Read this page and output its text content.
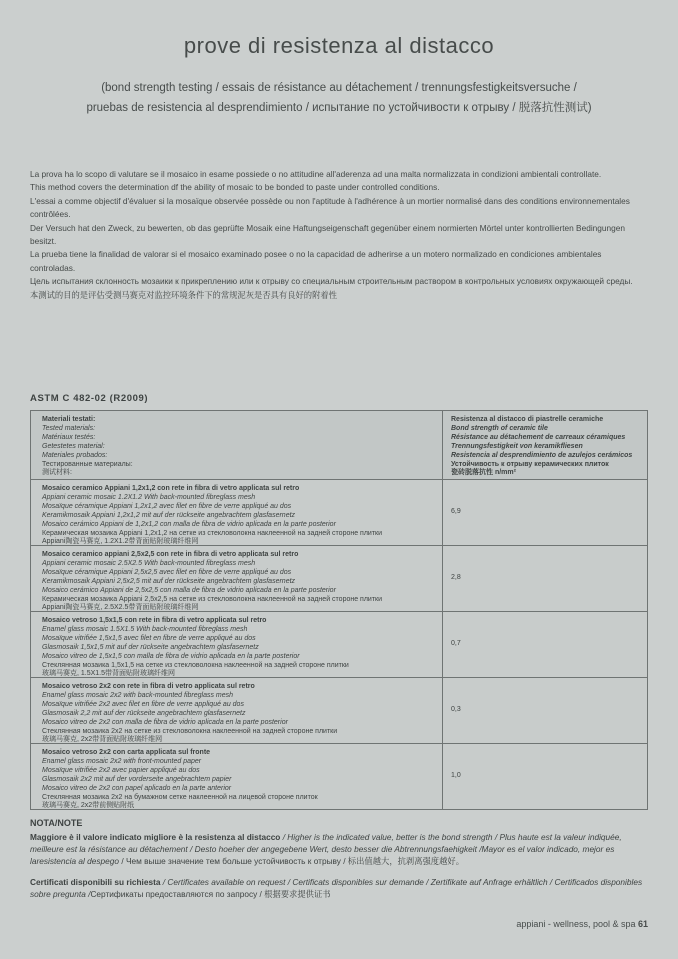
prove di resistenza al distacco
(bond strength testing / essais de résistance au détachement / trennungsfestigkeitsversuche /
pruebas de resistencia al desprendimiento / испытание по устойчивости к отрыву / 脱落抗性测试)
La prova ha lo scopo di valutare se il mosaico in esame possiede o no attitudine all'aderenza ad una malta normalizzata in condizioni ambientali controllate.
This method covers the determination df the ability of mosaic to be bonded to paste under controlled conditions.
L'essai a comme objectif d'évaluer si la mosaïque observée possède ou non l'aptitude à l'adhérence à un mortier normalisé dans des conditions environnementales contrôlées.
Der Versuch hat den Zweck, zu bewerten, ob das geprüfte Mosaik eine Haftungseigenschaft gegenüber einem normierten Mörtel unter kontrollierten Bedingungen besitzt.
La prueba tiene la finalidad de valorar si el mosaico examinado posee o no la capacidad de adherirse a un motero normalizado en condiciones ambientales controladas.
Цель испытания склонность мозаики к прикреплению или к отрыву со специальным строительным раствором в контрольных условиях окружающей среды.
本测试的目的是评估受测马赛克对监控环境条件下的常规泥灰是否具有良好的附着性
ASTM C 482-02 (R2009)
Materiali testati:
Tested materials:
Matériaux testés:
Getestetes material:
Materiales probados:
Тестированные материалы:
测试材料:
Resistenza al distacco di piastrelle ceramiche
Bond strength of ceramic tile
Résistance au détachement de carreaux céramiques
Trennungsfestigkeit von keramikfliesen
Resistencia al desprendimiento de azulejos cerámicos
Устойчивость к отрыву керамических плиток
瓷砖脱落抗性 n/mm²
Mosaico ceramico Appiani 1,2x1,2 con rete in fibra di vetro applicata sul retro
Appiani ceramic mosaic 1.2X1.2 With back-mounted fibreglass mesh
Mosaïque céramique Appiani 1,2x1,2 avec filet en fibre de verre appliqué au dos
Keramikmosaik Appiani 1,2x1,2 mit auf der rückseite angebrachtem glasfasernetz
Mosaico cerámico Appiani de 1,2x1,2 con malla de fibra de vidrio aplicada en la parte posterior
Керамическая мозаика Appiani 1,2x1,2 на сетке из стекловолокна наклеенной на задней стороне плитки
Appiani陶瓷马赛克, 1.2X1.2带背面贴附玻璃纤维网
6,9
Mosaico ceramico appiani 2,5x2,5 con rete in fibra di vetro applicata sul retro
Appiani ceramic mosaic 2.5X2.5 With back-mounted fibreglass mesh
Mosaïque céramique Appiani 2,5x2,5 avec filet en fibre de verre appliqué au dos
Keramikmosaik Appiani 2,5x2,5 mit auf der rückseite angebrachtem glasfasernetz
Mosaico cerámico Appiani de 2,5x2,5 con malla de fibra de vidrio aplicada en la parte posterior
Керамическая мозаика Appiani 2,5x2,5 на сетке из стекловолокна наклеенной на задней стороне плитки
Appiani陶瓷马赛克, 2.5X2.5带背面贴附玻璃纤维网
2,8
Mosaico vetroso 1,5x1,5 con rete in fibra di vetro applicata sul retro
Enamel glass mosaic 1.5X1.5 With back-mounted fibreglass mesh
Mosaïque vitrifiée 1,5x1,5 avec filet en fibre de verre appliqué au dos
Glasmosaik 1,5x1,5 mit auf der rückseite angebrachtem glasfasernetz
Mosaico vitreo de 1,5x1,5 con malla de fibra de vidrio aplicada en la parte posterior
Стеклянная мозаика 1,5x1,5 на сетке из стекловолокна наклеенной на задней стороне плитки
玻璃马赛克, 1.5X1.5带背面贴附玻璃纤维网
0,7
Mosaico vetroso 2x2 con rete in fibra di vetro applicata sul retro
Enamel glass mosaic 2x2 with back-mounted fibreglass mesh
Mosaïque vitrifiée 2x2 avec filet en fibre de verre appliqué au dos
Glasmosaik 2,2 mit auf der rückseite angebrachtem glasfasernetz
Mosaico vitreo de 2x2 con malla de fibra de vidrio aplicada en la parte posterior
Стеклянная мозаика 2x2 на сетке из стекловолокна наклеенной на задней стороне плитки
玻璃马赛克, 2x2带背面贴附玻璃纤维网
0,3
Mosaico vetroso 2x2 con carta applicata sul fronte
Enamel glass mosaic 2x2 with front-mounted paper
Mosaïque vitrifiée 2x2 avec papier appliqué au dos
Glasmosaik 2x2 mit auf der vorderseite angebrachtem papier
Mosaico vitreo de 2x2 con papel aplicado en la parte anterior
Стеклянная мозаика 2x2 на бумажном сетке наклеенной на лицевой стороне плиток
玻璃马赛克, 2x2带前侧贴附纸
1,0
NOTA/NOTE
Maggiore è il valore indicato migliore è la resistenza al distacco / Higher is the indicated value, better is the bond strength / Plus haute est la valeur indiquée, meilleure est la résistance au détachement / Desto hoeher der angegebene Wert, desto besser die Abtrennungsfaehigkeit /Mayor es el valor indicado, mejor es laresistencia al despego / Чем выше значение тем больше устойчивость к отрыву / 标出值越大，抗剥离强度越好。
Certificati disponibili su richiesta / Certificates available on request / Certificats disponibles sur demande / Zertifikate auf Anfrage erhältlich / Certificados disponibles sobre pregunta /Сертификаты предоставляются по запросу / 根据要求提供证书
appiani - wellness, pool & spa 61
